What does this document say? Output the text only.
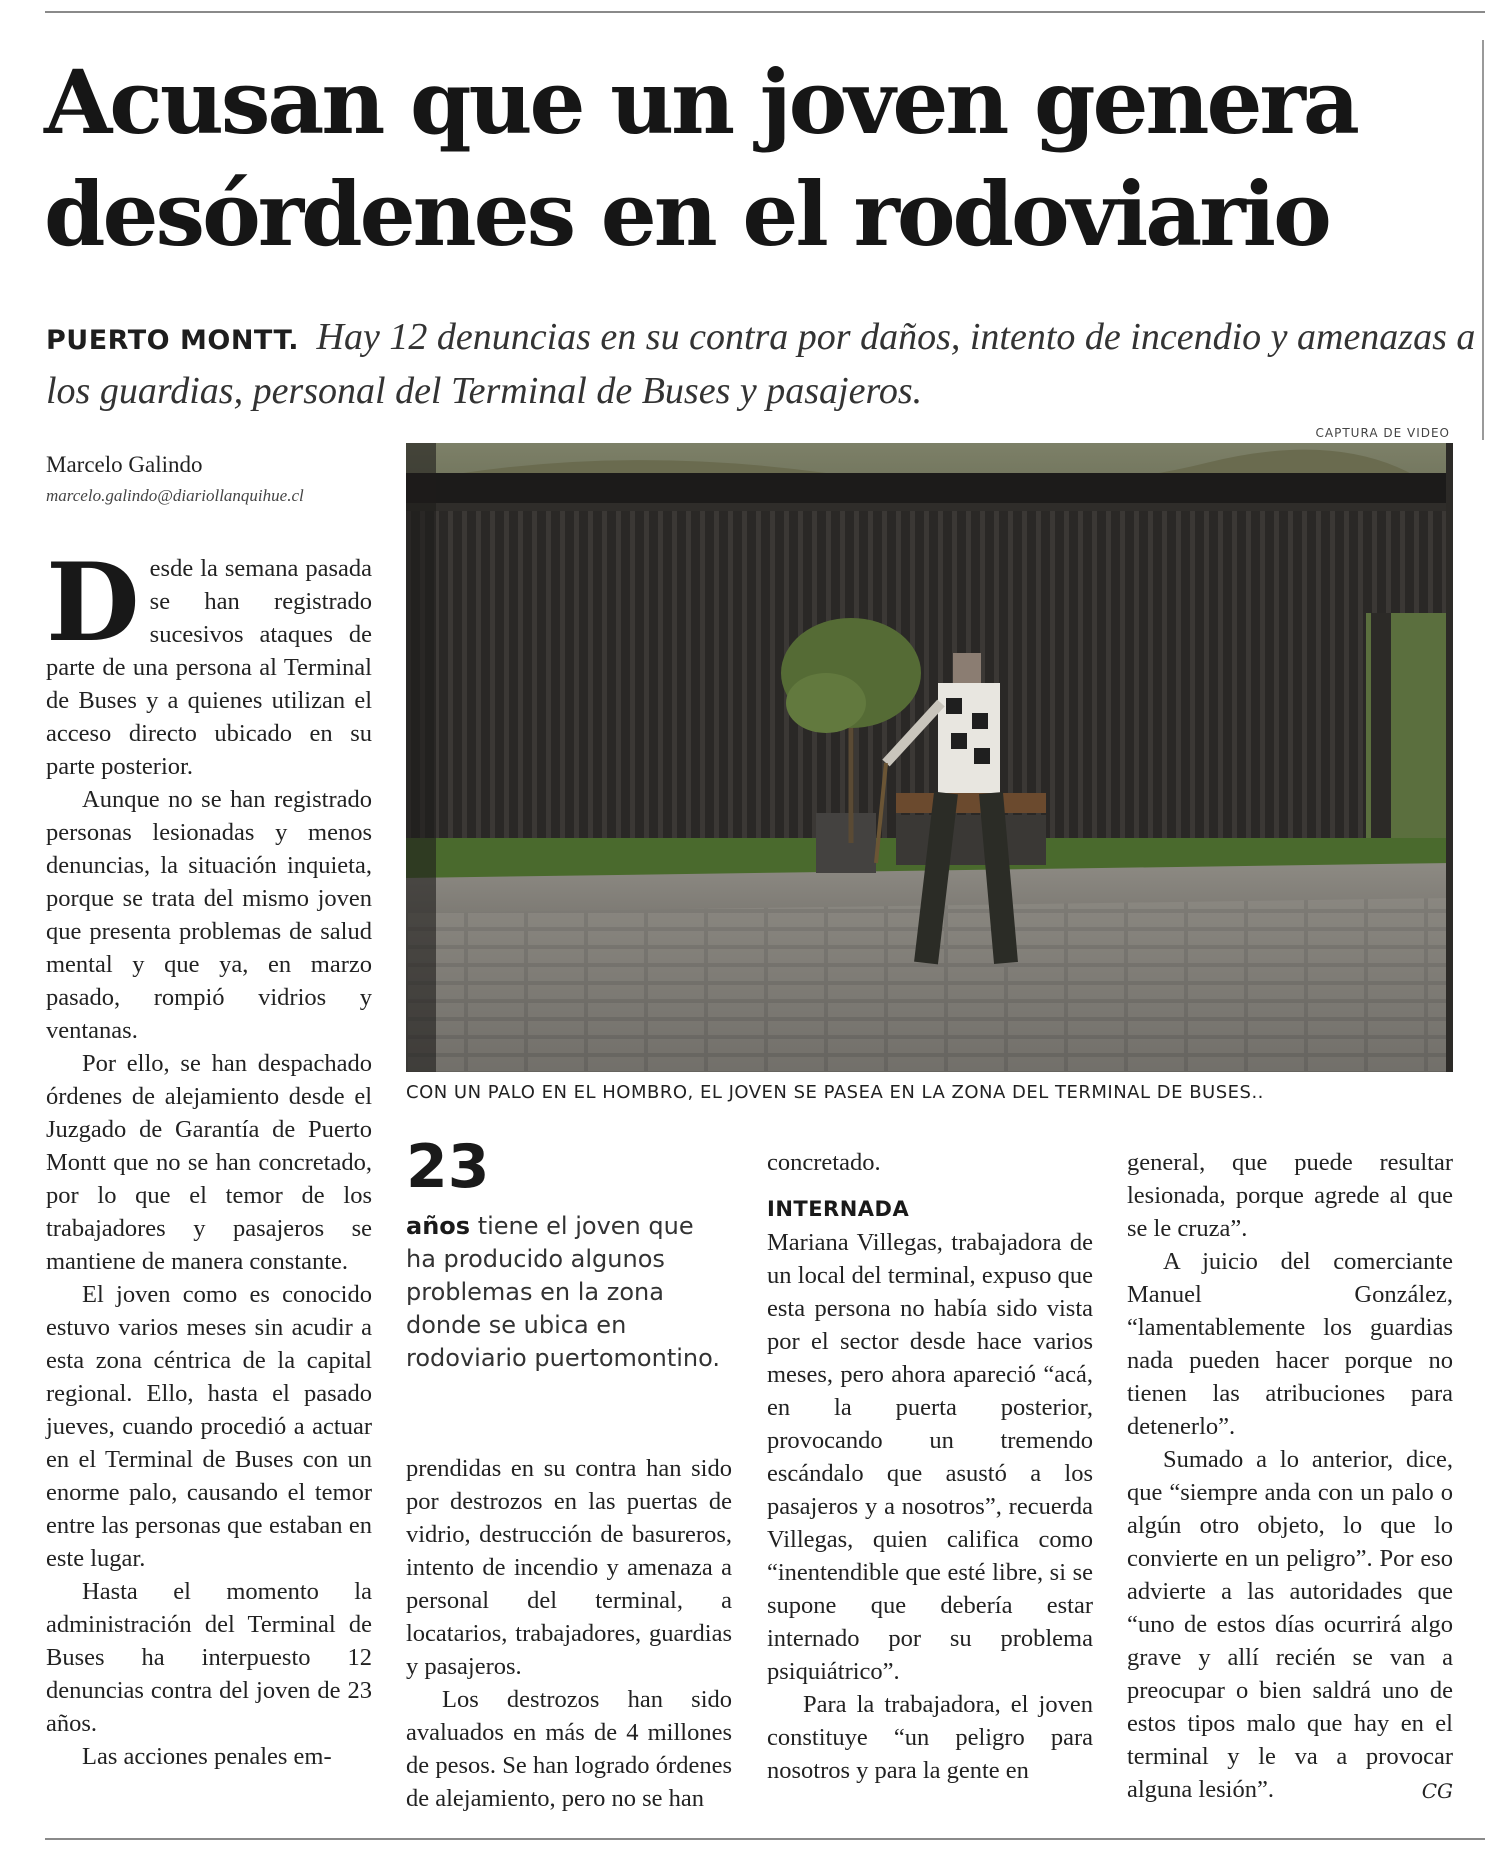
Acusan que un joven genera desórdenes en el rodoviario

PUERTO MONTT. Hay 12 denuncias en su contra por daños, intento de incendio y amenazas a los guardias, personal del Terminal de Buses y pasajeros.

Marcelo Galindo
marcelo.galindo@diariollanquihue.cl

Desde la semana pasada se han registrado sucesivos ataques de parte de una persona al Terminal de Buses y a quienes utilizan el acceso directo ubicado en su parte posterior.

Aunque no se han registrado personas lesionadas y menos denuncias, la situación inquieta, porque se trata del mismo joven que presenta problemas de salud mental y que ya, en marzo pasado, rompió vidrios y ventanas.

Por ello, se han despachado órdenes de alejamiento desde el Juzgado de Garantía de Puerto Montt que no se han concretado, por lo que el temor de los trabajadores y pasajeros se mantiene de manera constante.

El joven como es conocido estuvo varios meses sin acudir a esta zona céntrica de la capital regional. Ello, hasta el pasado jueves, cuando procedió a actuar en el Terminal de Buses con un enorme palo, causando el temor entre las personas que estaban en este lugar.

Hasta el momento la administración del Terminal de Buses ha interpuesto 12 denuncias contra del joven de 23 años.

Las acciones penales em-

CAPTURA DE VIDEO
CON UN PALO EN EL HOMBRO, EL JOVEN SE PASEA EN LA ZONA DEL TERMINAL DE BUSES..

23

años tiene el joven que ha producido algunos problemas en la zona donde se ubica en rodoviario puertomontino.

prendidas en su contra han sido por destrozos en las puertas de vidrio, destrucción de basureros, intento de incendio y amenaza a personal del terminal, a locatarios, trabajadores, guardias y pasajeros.

Los destrozos han sido avaluados en más de 4 millones de pesos. Se han logrado órdenes de alejamiento, pero no se han

concretado.

INTERNADA

Mariana Villegas, trabajadora de un local del terminal, expuso que esta persona no había sido vista por el sector desde hace varios meses, pero ahora apareció “acá, en la puerta posterior, provocando un tremendo escándalo que asustó a los pasajeros y a nosotros”, recuerda Villegas, quien califica como “inentendible que esté libre, si se supone que debería estar internado por su problema psiquiátrico”.

Para la trabajadora, el joven constituye “un peligro para nosotros y para la gente en

general, que puede resultar lesionada, porque agrede al que se le cruza”.

A juicio del comerciante Manuel González, “lamentablemente los guardias nada pueden hacer porque no tienen las atribuciones para detenerlo”.

Sumado a lo anterior, dice, que “siempre anda con un palo o algún otro objeto, lo que lo convierte en un peligro”. Por eso advierte a las autoridades que “uno de estos días ocurrirá algo grave y allí recién se van a preocupar o bien saldrá uno de estos tipos malo que hay en el terminal y le va a provocar alguna lesión”.	CG
